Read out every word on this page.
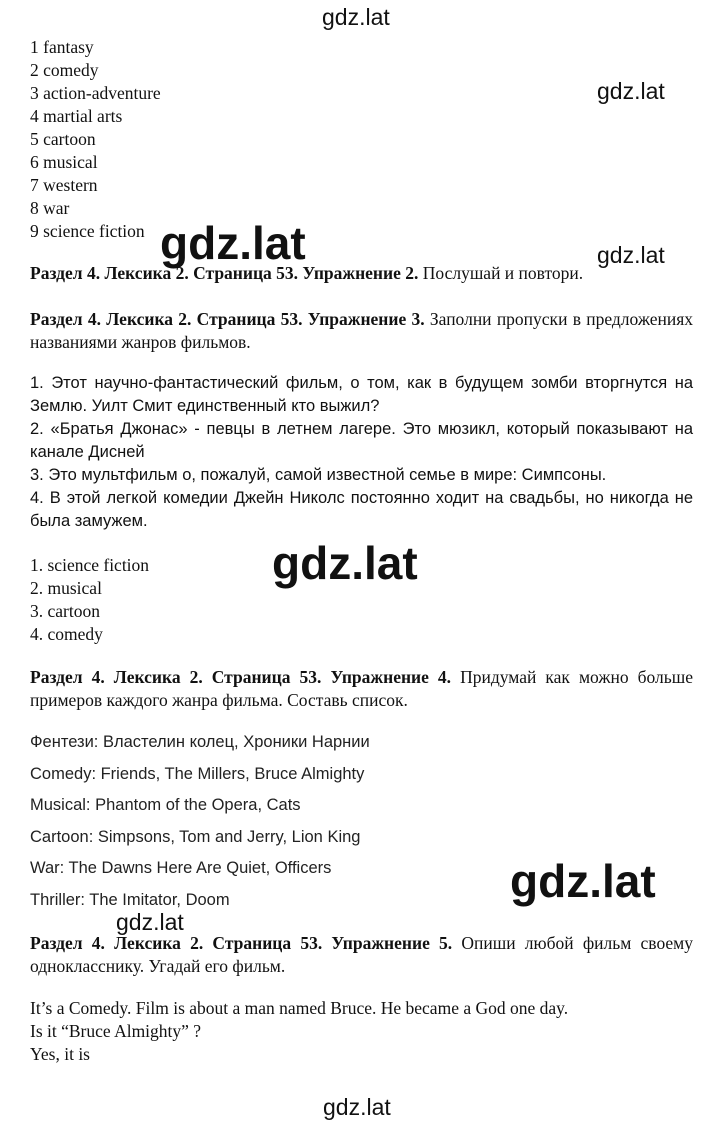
gdz.lat
gdz.lat
gdz.lat	gdz.lat
1 fantasy
2 comedy
3 action-adventure
4 martial arts
5 cartoon
6 musical
7 western
8 war
9 science fiction
Раздел 4. Лексика 2. Страница 53. Упражнение 2. Послушай и повтори.
Раздел 4. Лексика 2. Страница 53. Упражнение 3. Заполни пропуски в предложениях названиями жанров фильмов.
1. Этот научно-фантастический фильм, о том, как в будущем зомби вторгнутся на Землю. Уилт Смит единственный кто выжил?
2. «Братья Джонас» - певцы в летнем лагере. Это мюзикл, который показывают на канале Дисней
3. Это мультфильм о, пожалуй, самой известной семье в мире: Симпсоны.
4. В этой легкой комедии Джейн Николс постоянно ходит на свадьбы, но никогда не была замужем.
1. science fiction
2. musical
3. cartoon
4. comedy
gdz.lat
Раздел 4. Лексика 2. Страница 53. Упражнение 4. Придумай как можно больше примеров каждого жанра фильма. Составь список.
Фентези: Властелин колец, Хроники Нарнии
Comedy: Friends, The Millers, Bruce Almighty
Musical: Phantom of the Opera, Cats
Cartoon: Simpsons, Tom and Jerry, Lion King
War: The Dawns Here Are Quiet, Officers
Thriller: The Imitator, Doom	gdz.lat
Раздел 4. Лексика 2. Страница 53. Упражнение 5. Опиши любой фильм своему однокласснику. Угадай его фильм.
gdz.lat
It’s a Comedy. Film is about a man named Bruce. He became a God one day.
Is it “Bruce Almighty” ?
Yes, it is
gdz.lat
